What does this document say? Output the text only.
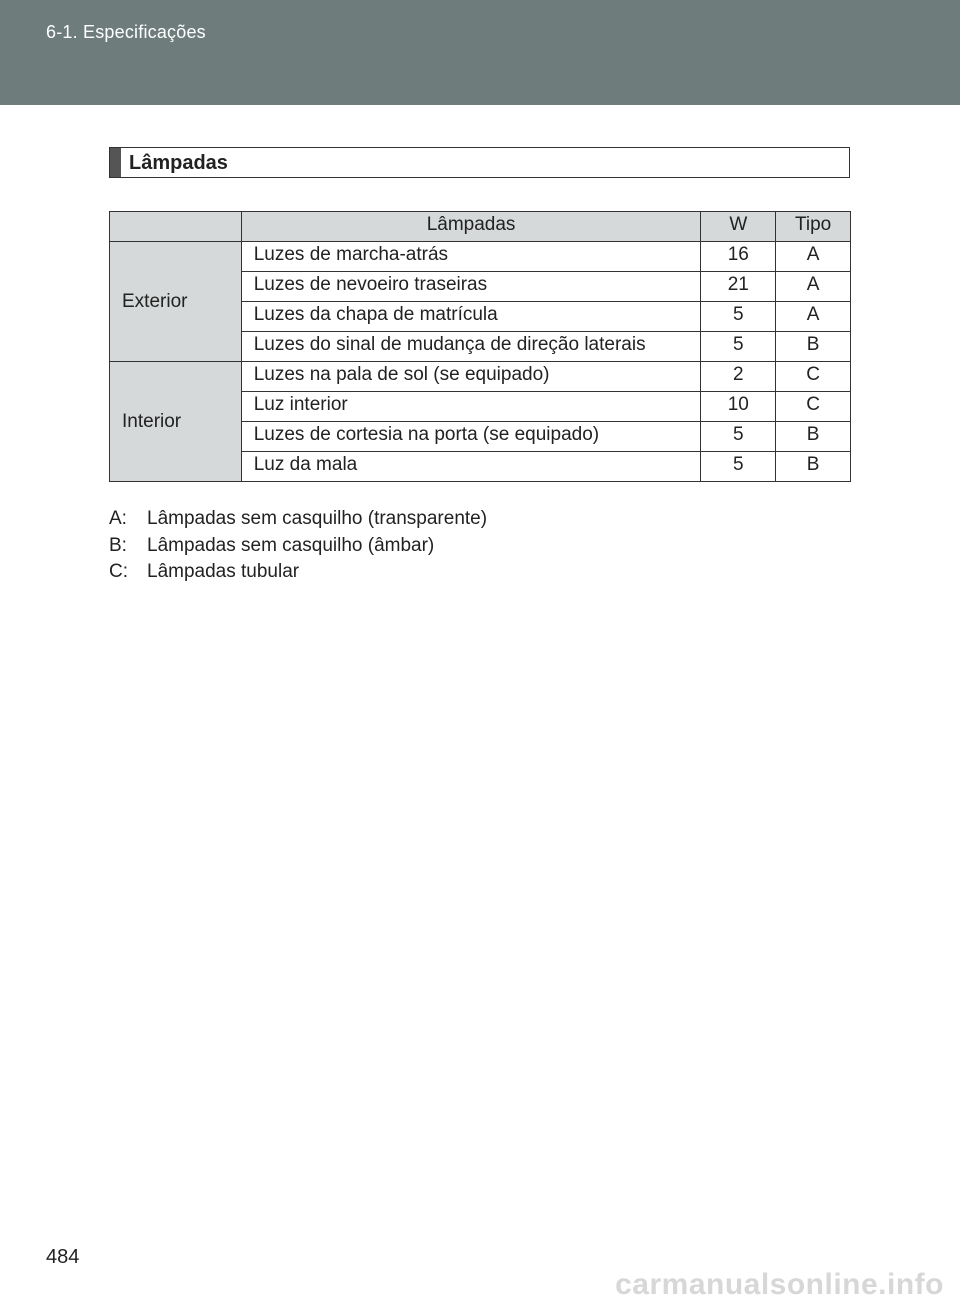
6-1. Especificações
Lâmpadas
	Lâmpadas	W	Tipo
Exterior	Luzes de marcha-atrás	16	A
	Luzes de nevoeiro traseiras	21	A
	Luzes da chapa de matrícula	5	A
	Luzes do sinal de mudança de direção laterais	5	B
Interior	Luzes na pala de sol (se equipado)	2	C
	Luz interior	10	C
	Luzes de cortesia na porta (se equipado)	5	B
	Luz da mala	5	B
A:	Lâmpadas sem casquilho (transparente)
B:	Lâmpadas sem casquilho (âmbar)
C:	Lâmpadas tubular
484
carmanualsonline.info
